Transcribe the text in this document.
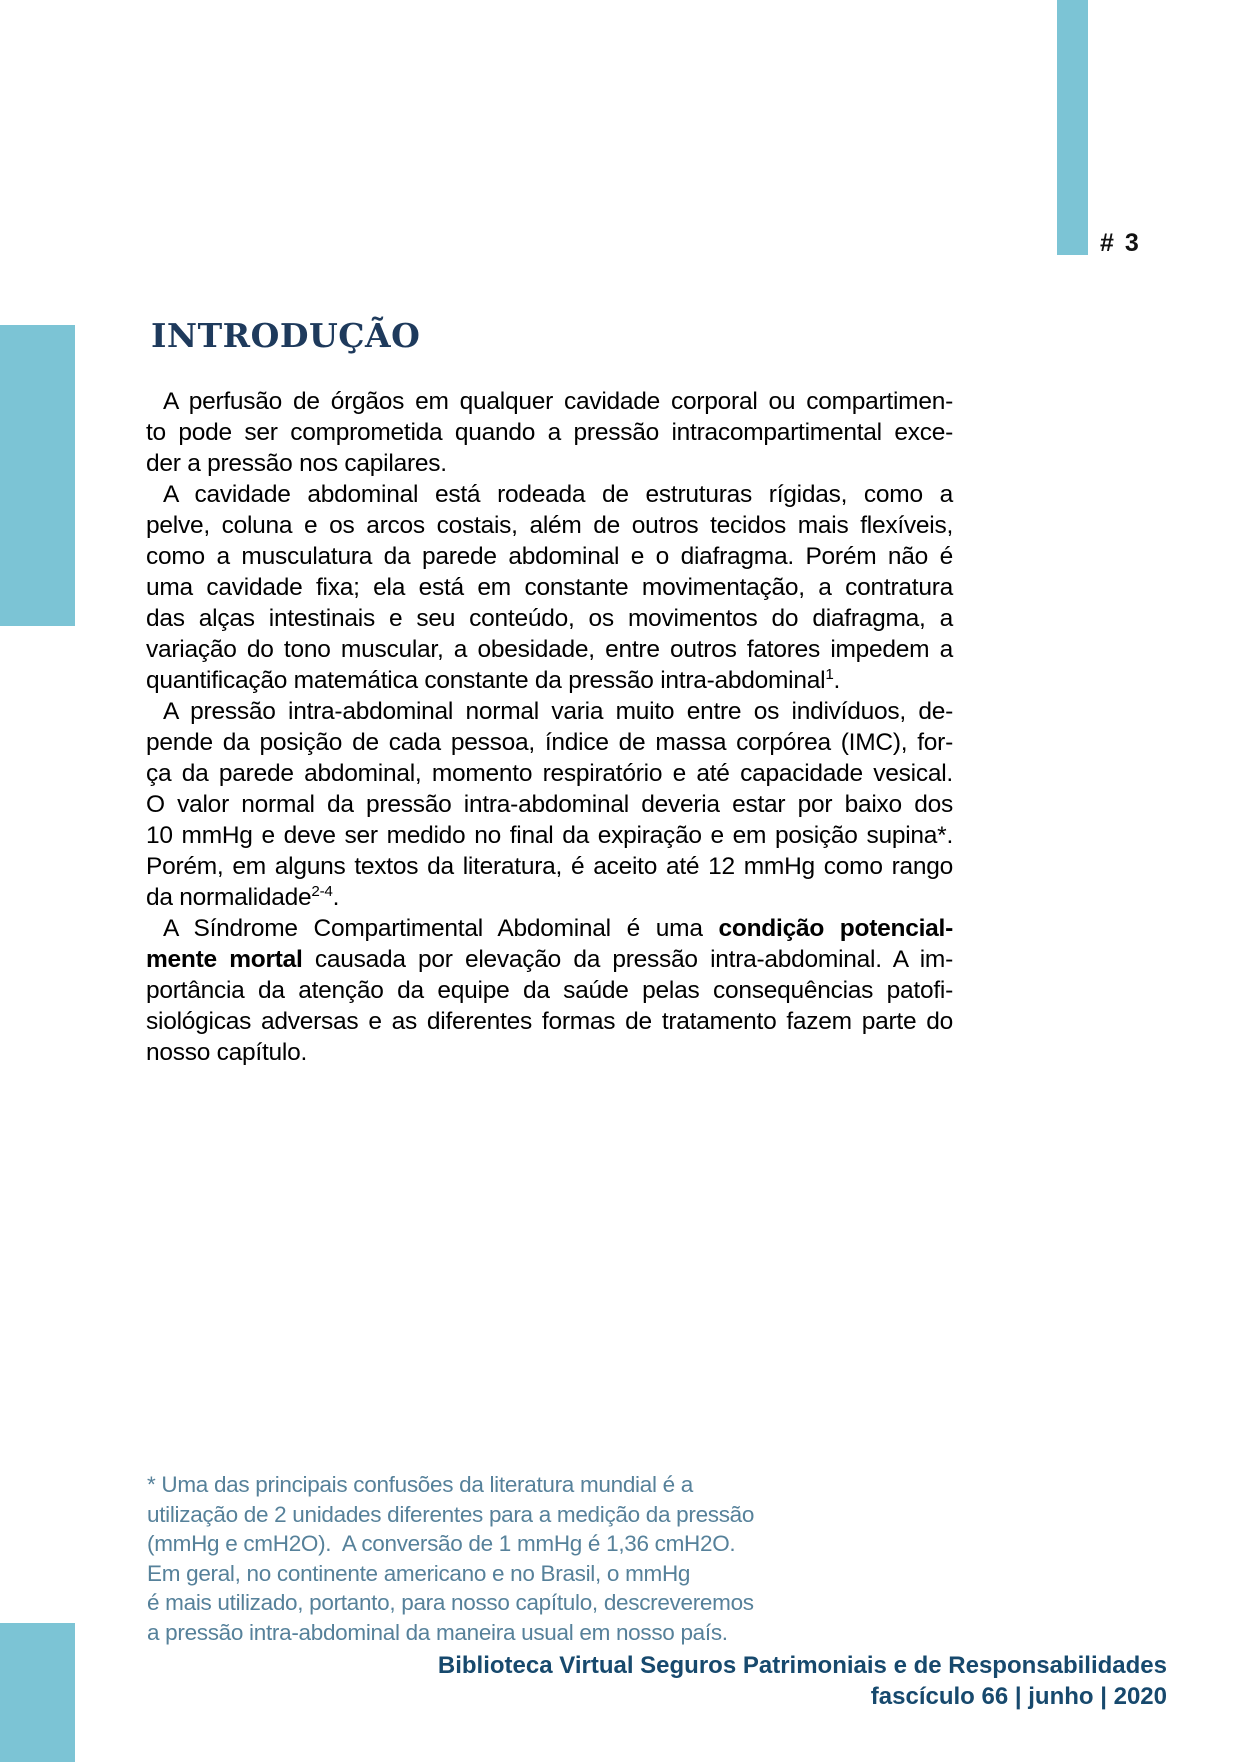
# 3
INTRODUÇÃO
A perfusão de órgãos em qualquer cavidade corporal ou compartimen-
to pode ser comprometida quando a pressão intracompartimental exce-
der a pressão nos capilares.
A cavidade abdominal está rodeada de estruturas rígidas, como a
pelve, coluna e os arcos costais, além de outros tecidos mais flexíveis,
como a musculatura da parede abdominal e o diafragma. Porém não é
uma cavidade fixa; ela está em constante movimentação, a contratura
das alças intestinais e seu conteúdo, os movimentos do diafragma, a
variação do tono muscular, a obesidade, entre outros fatores impedem a
quantificação matemática constante da pressão intra-abdominal$^1$.
A pressão intra-abdominal normal varia muito entre os indivíduos, de-
pende da posição de cada pessoa, índice de massa corpórea (IMC), for-
ça da parede abdominal, momento respiratório e até capacidade vesical.
O valor normal da pressão intra-abdominal deveria estar por baixo dos
10 mmHg e deve ser medido no final da expiração e em posição supina*.
Porém, em alguns textos da literatura, é aceito até 12 mmHg como rango
da normalidade$^{2-4}$.
A Síndrome Compartimental Abdominal é uma condição potencial-
mente mortal causada por elevação da pressão intra-abdominal. A im-
portância da atenção da equipe da saúde pelas consequências patofi-
siológicas adversas e as diferentes formas de tratamento fazem parte do
nosso capítulo.
* Uma das principais confusões da literatura mundial é a
utilização de 2 unidades diferentes para a medição da pressão
(mmHg e cmH2O).  A conversão de 1 mmHg é 1,36 cmH2O.
Em geral, no continente americano e no Brasil, o mmHg
é mais utilizado, portanto, para nosso capítulo, descreveremos
a pressão intra-abdominal da maneira usual em nosso país.
Biblioteca Virtual Seguros Patrimoniais e de Responsabilidades
fascículo 66 | junho | 2020
